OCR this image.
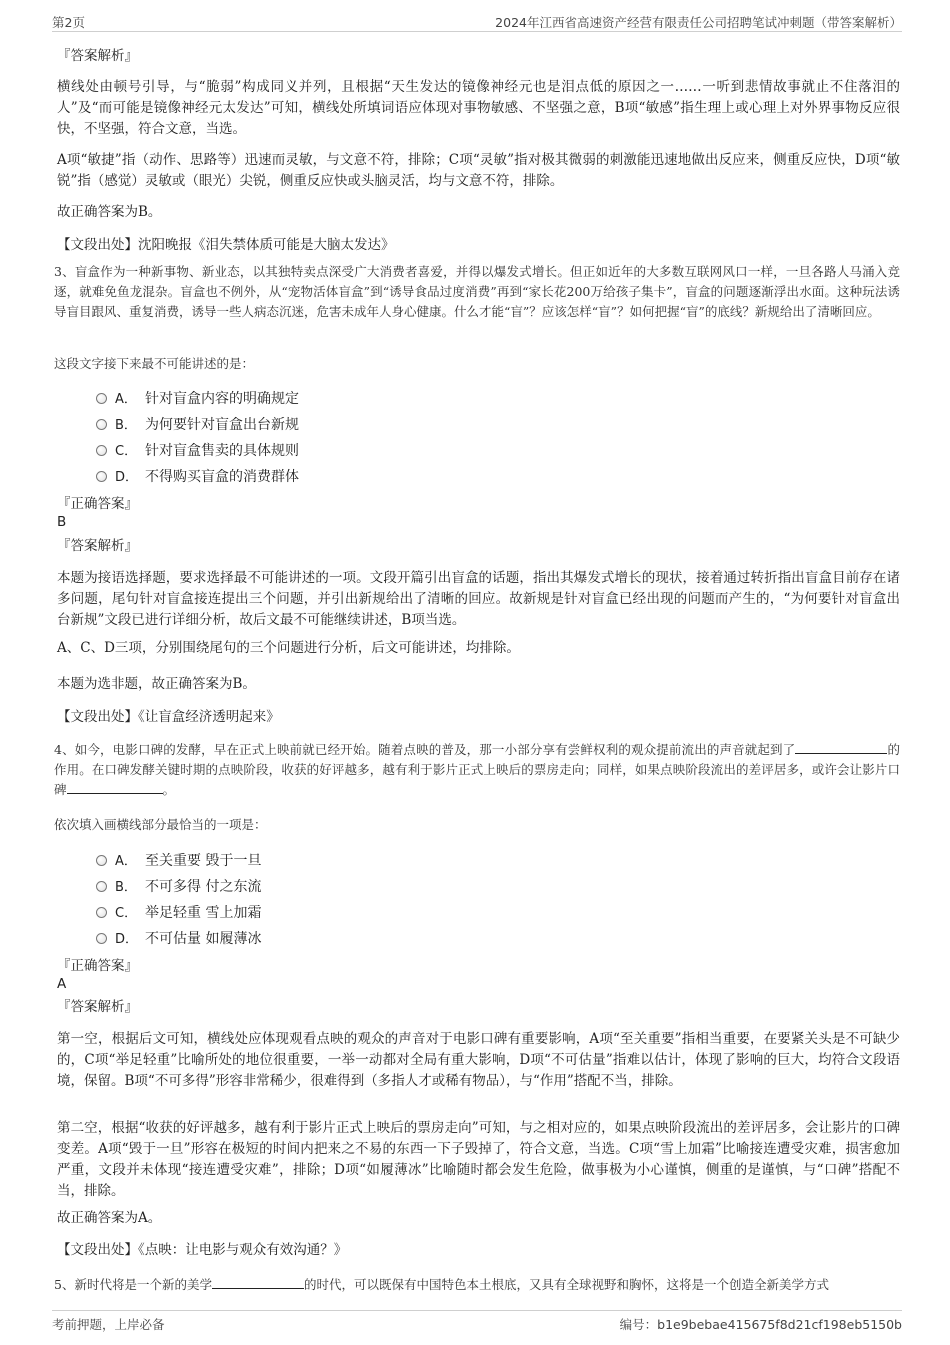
第2页	2024年江西省高速资产经营有限责任公司招聘笔试冲刺题（带答案解析）
『答案解析』
横线处由顿号引导，与“脆弱”构成同义并列，且根据“天生发达的镜像神经元也是泪点低的原因之一……一听到悲情故事就止不住落泪的人”及“而可能是镜像神经元太发达”可知，横线处所填词语应体现对事物敏感、不坚强之意，B项“敏感”指生理上或心理上对外界事物反应很快，不坚强，符合文意，当选。
A项“敏捷”指（动作、思路等）迅速而灵敏，与文意不符，排除；C项“灵敏”指对极其微弱的刺激能迅速地做出反应来，侧重反应快，D项“敏锐”指（感觉）灵敏或（眼光）尖锐，侧重反应快或头脑灵活，均与文意不符，排除。
故正确答案为B。
【文段出处】沈阳晚报《泪失禁体质可能是大脑太发达》
3、盲盒作为一种新事物、新业态，以其独特卖点深受广大消费者喜爱，并得以爆发式增长。但正如近年的大多数互联网风口一样，一旦各路人马涌入竞逐，就难免鱼龙混杂。盲盒也不例外，从“宠物活体盲盒”到“诱导食品过度消费”再到“家长花200万给孩子集卡”，盲盒的问题逐渐浮出水面。这种玩法诱导盲目跟风、重复消费，诱导一些人病态沉迷，危害未成年人身心健康。什么才能“盲”？应该怎样“盲”？如何把握“盲”的底线？新规给出了清晰回应。
这段文字接下来最不可能讲述的是：
A． 针对盲盒内容的明确规定
B． 为何要针对盲盒出台新规
C． 针对盲盒售卖的具体规则
D． 不得购买盲盒的消费群体
『正确答案』
B
『答案解析』
本题为接语选择题，要求选择最不可能讲述的一项。文段开篇引出盲盒的话题，指出其爆发式增长的现状，接着通过转折指出盲盒目前存在诸多问题，尾句针对盲盒接连提出三个问题，并引出新规给出了清晰的回应。故新规是针对盲盒已经出现的问题而产生的，“为何要针对盲盒出台新规”文段已进行详细分析，故后文最不可能继续讲述，B项当选。
A、C、D三项，分别围绕尾句的三个问题进行分析，后文可能讲述，均排除。
本题为选非题，故正确答案为B。
【文段出处】《让盲盒经济透明起来》
4、如今，电影口碑的发酵，早在正式上映前就已经开始。随着点映的普及，那一小部分享有尝鲜权利的观众提前流出的声音就起到了	的作用。在口碑发酵关键时期的点映阶段，收获的好评越多，越有利于影片正式上映后的票房走向；同样，如果点映阶段流出的差评居多，或许会让影片口碑	。
依次填入画横线部分最恰当的一项是：
A． 至关重要 毁于一旦
B． 不可多得 付之东流
C． 举足轻重 雪上加霜
D． 不可估量 如履薄冰
『正确答案』
A
『答案解析』
第一空，根据后文可知，横线处应体现观看点映的观众的声音对于电影口碑有重要影响，A项“至关重要”指相当重要，在要紧关头是不可缺少的，C项“举足轻重”比喻所处的地位很重要，一举一动都对全局有重大影响，D项“不可估量”指难以估计，体现了影响的巨大，均符合文段语境，保留。B项“不可多得”形容非常稀少，很难得到（多指人才或稀有物品），与“作用”搭配不当，排除。
第二空，根据“收获的好评越多，越有利于影片正式上映后的票房走向”可知，与之相对应的，如果点映阶段流出的差评居多，会让影片的口碑变差。A项“毁于一旦”形容在极短的时间内把来之不易的东西一下子毁掉了，符合文意，当选。C项“雪上加霜”比喻接连遭受灾难，损害愈加严重，文段并未体现“接连遭受灾难”，排除；D项“如履薄冰”比喻随时都会发生危险，做事极为小心谨慎，侧重的是谨慎，与“口碑”搭配不当，排除。
故正确答案为A。
【文段出处】《点映：让电影与观众有效沟通？》
5、新时代将是一个新的美学	的时代，可以既保有中国特色本土根底，又具有全球视野和胸怀，这将是一个创造全新美学方式
考前押题，上岸必备	编号：b1e9bebae415675f8d21cf198eb5150b
